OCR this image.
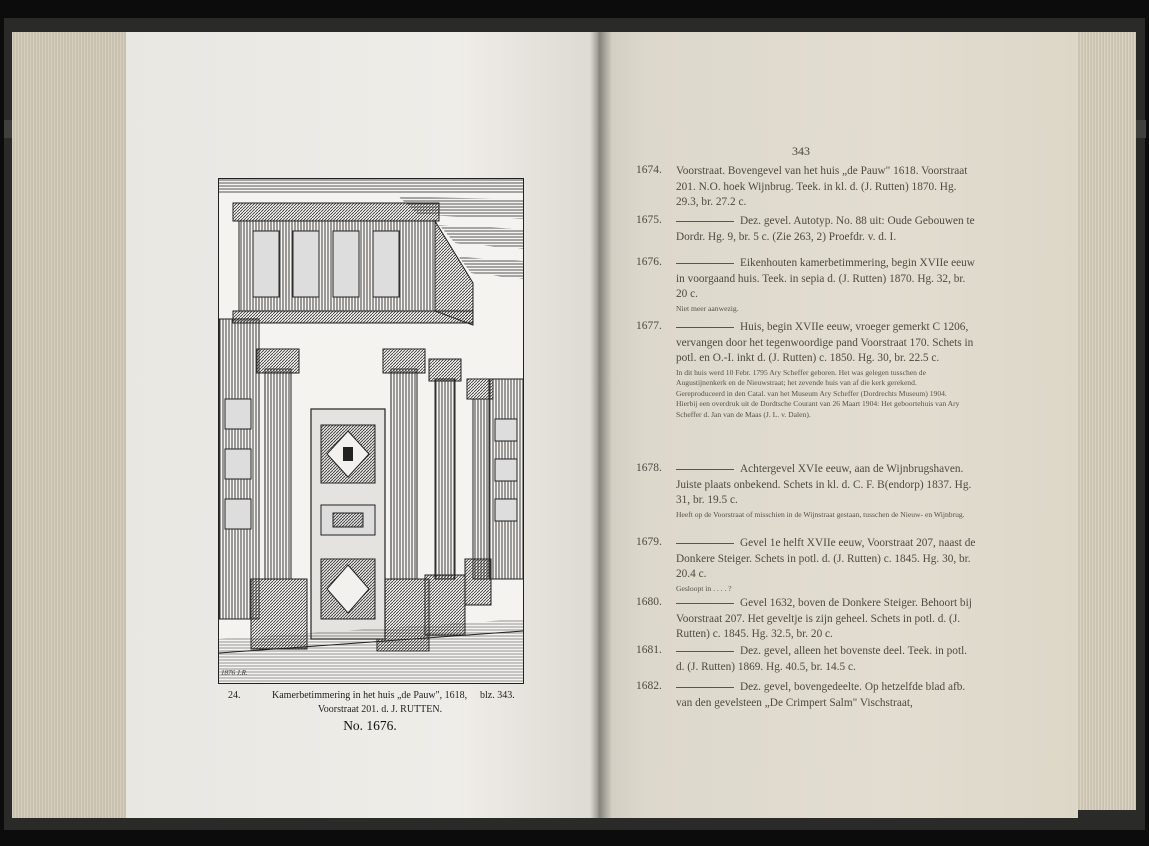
1876 J.R.
24.	Kamerbetimmering in het huis „de Pauw", 1618, blz. 343.
Voorstraat 201. d. J. RUTTEN.
No. 1676.
343
1674. Voorstraat. Bovengevel van het huis „de Pauw" 1618. Voorstraat 201. N.O. hoek Wijnbrug. Teek. in kl. d. (J. Rutten) 1870. Hg. 29.3, br. 27.2 c.
1675.	Dez. gevel. Autotyp. No. 88 uit: Oude Gebouwen te Dordr. Hg. 9, br. 5 c. (Zie 263, 2) Proefdr. v. d. I.
1676.	Eikenhouten kamerbetimmering, begin XVIIe eeuw in voorgaand huis. Teek. in sepia d. (J. Rutten) 1870. Hg. 32, br. 20 c.
Niet meer aanwezig.
1677.	Huis, begin XVIIe eeuw, vroeger gemerkt C 1206, vervangen door het tegenwoordige pand Voorstraat 170. Schets in potl. en O.-I. inkt d. (J. Rutten) c. 1850. Hg. 30, br. 22.5 c.
In dit huis werd 10 Febr. 1795 Ary Scheffer geboren. Het was gelegen tusschen de Augustijnenkerk en de Nieuwstraat; het zevende huis van af die kerk gerekend.
Gereproduceerd in den Catal. van het Museum Ary Scheffer (Dordrechts Museum) 1904.
Hierbij een overdruk uit de Dordtsche Courant van 26 Maart 1904: Het geboortehuis van Ary Scheffer d. Jan van de Maas (J. L. v. Dalen).
1678.	Achtergevel XVIe eeuw, aan de Wijnbrugshaven. Juiste plaats onbekend. Schets in kl. d. C. F. B(endorp) 1837. Hg. 31, br. 19.5 c.
Heeft op de Voorstraat of misschien in de Wijnstraat gestaan, tusschen de Nieuw- en Wijnbrug.
1679.	Gevel 1e helft XVIIe eeuw, Voorstraat 207, naast de Donkere Steiger. Schets in potl. d. (J. Rutten) c. 1845. Hg. 30, br. 20.4 c.
Gesloopt in . . . . ?
1680.	Gevel 1632, boven de Donkere Steiger. Behoort bij Voorstraat 207. Het geveltje is zijn geheel. Schets in potl. d. (J. Rutten) c. 1845. Hg. 32.5, br. 20 c.
1681.	Dez. gevel, alleen het bovenste deel. Teek. in potl. d. (J. Rutten) 1869. Hg. 40.5, br. 14.5 c.
1682.	Dez. gevel, bovengedeelte. Op hetzelfde blad afb. van den gevelsteen „De Crimpert Salm" Vischstraat,
